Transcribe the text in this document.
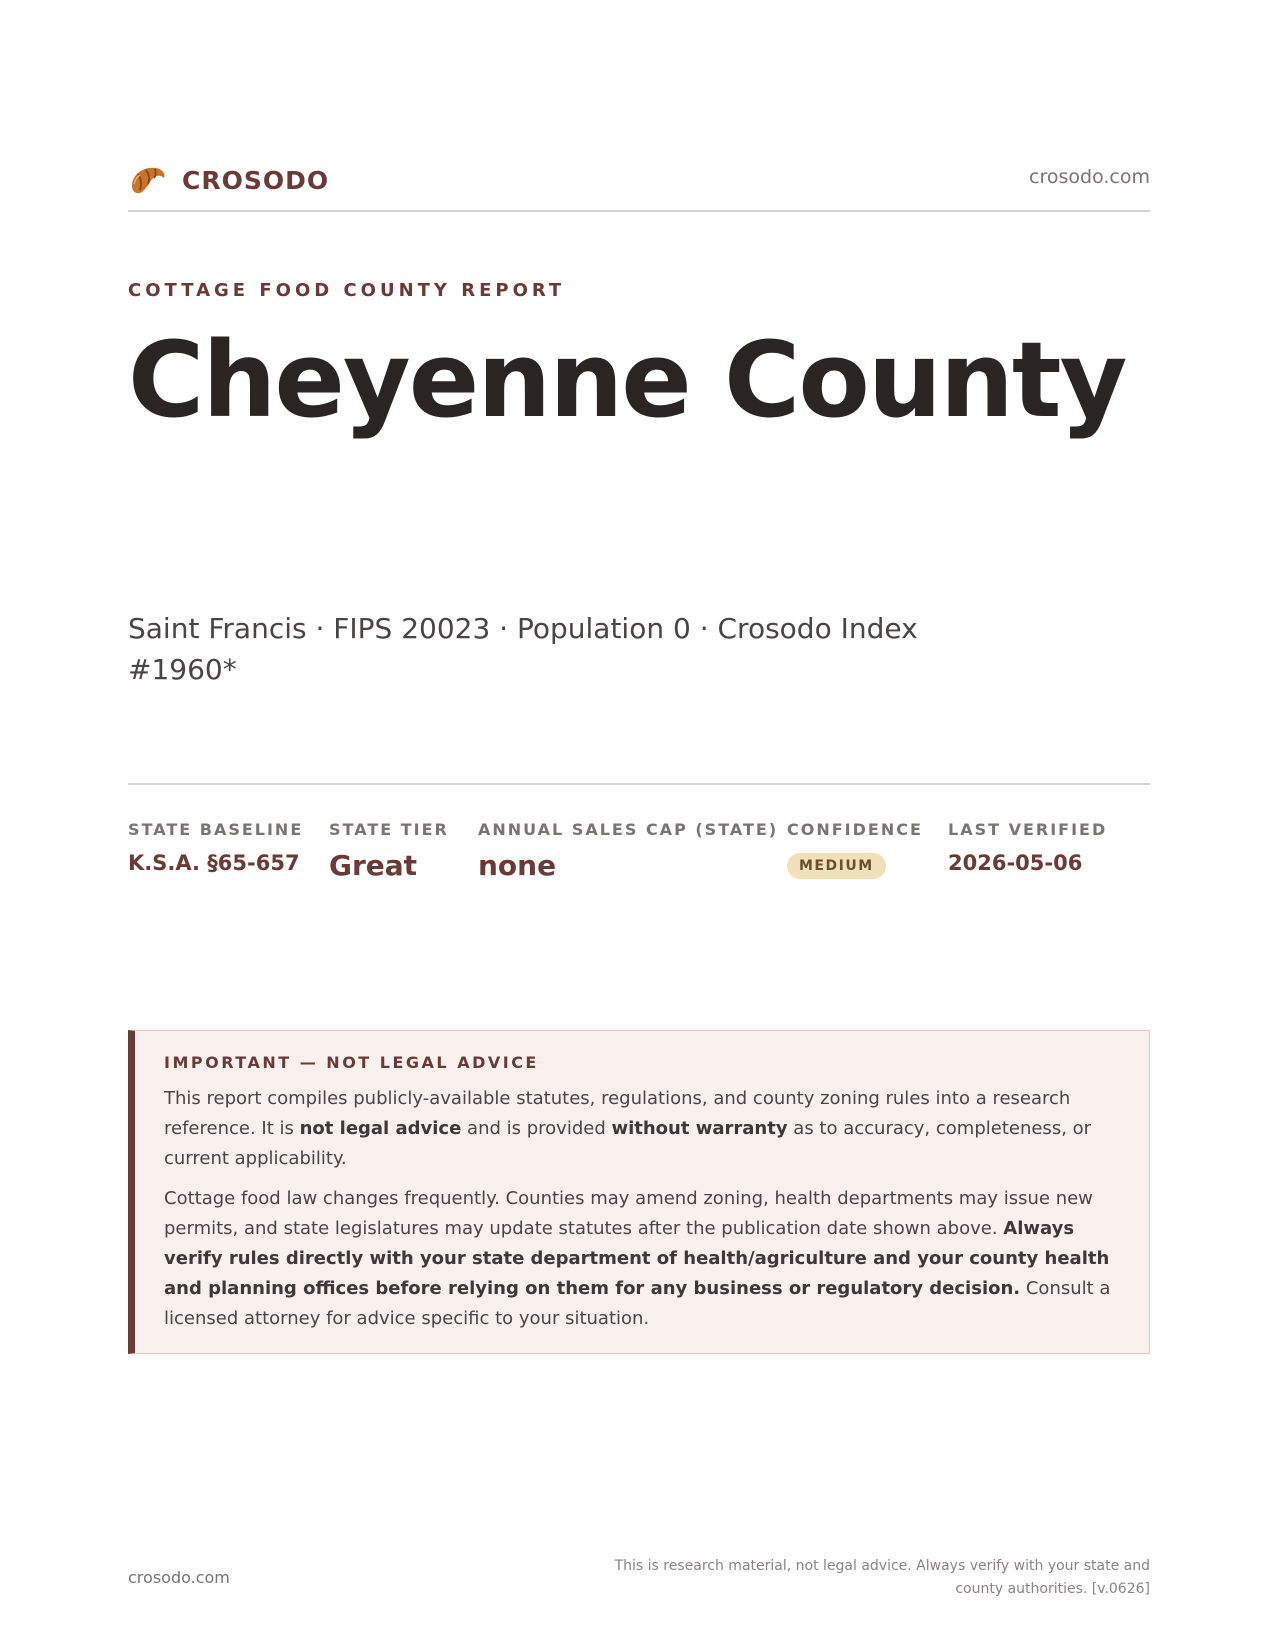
CROSODO	crosodo.com
COTTAGE FOOD COUNTY REPORT
Cheyenne County
Saint Francis · FIPS 20023 · Population 0 · Crosodo Index #1960*
STATE BASELINE
K.S.A. §65-657
STATE TIER
Great
ANNUAL SALES CAP (STATE)
none
CONFIDENCE
MEDIUM
LAST VERIFIED
2026-05-06
IMPORTANT — NOT LEGAL ADVICE

This report compiles publicly-available statutes, regulations, and county zoning rules into a research reference. It is not legal advice and is provided without warranty as to accuracy, completeness, or current applicability.

Cottage food law changes frequently. Counties may amend zoning, health departments may issue new permits, and state legislatures may update statutes after the publication date shown above. Always verify rules directly with your state department of health/agriculture and your county health and planning offices before relying on them for any business or regulatory decision. Consult a licensed attorney for advice specific to your situation.

crosodo.com
This is research material, not legal advice. Always verify with your state and county authorities. [v.0626]
